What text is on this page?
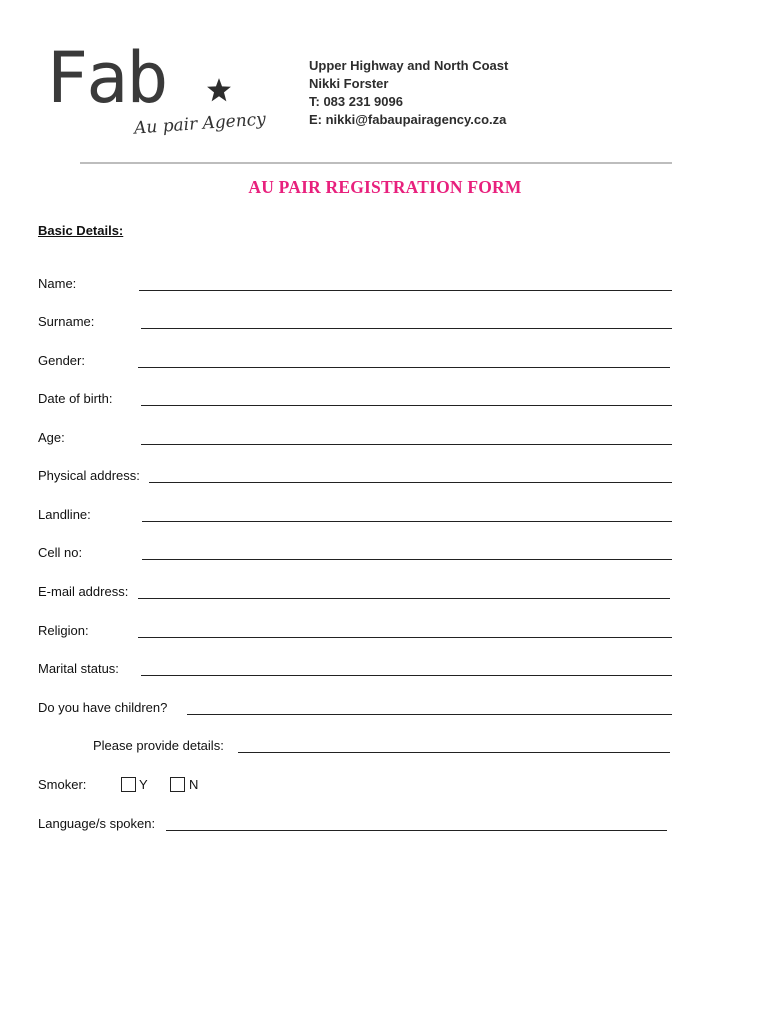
Fab
Au pair Agency
Upper Highway and North Coast
Nikki Forster
T: 083 231 9096
E: nikki@fabaupairagency.co.za
AU PAIR REGISTRATION FORM
Basic Details:
Name:
Surname:
Gender:
Date of birth:
Age:
Physical address:
Landline:
Cell no:
E-mail address:
Religion:
Marital status:
Do you have children?
Please provide details:
Smoker:	Y	N
Language/s spoken:
